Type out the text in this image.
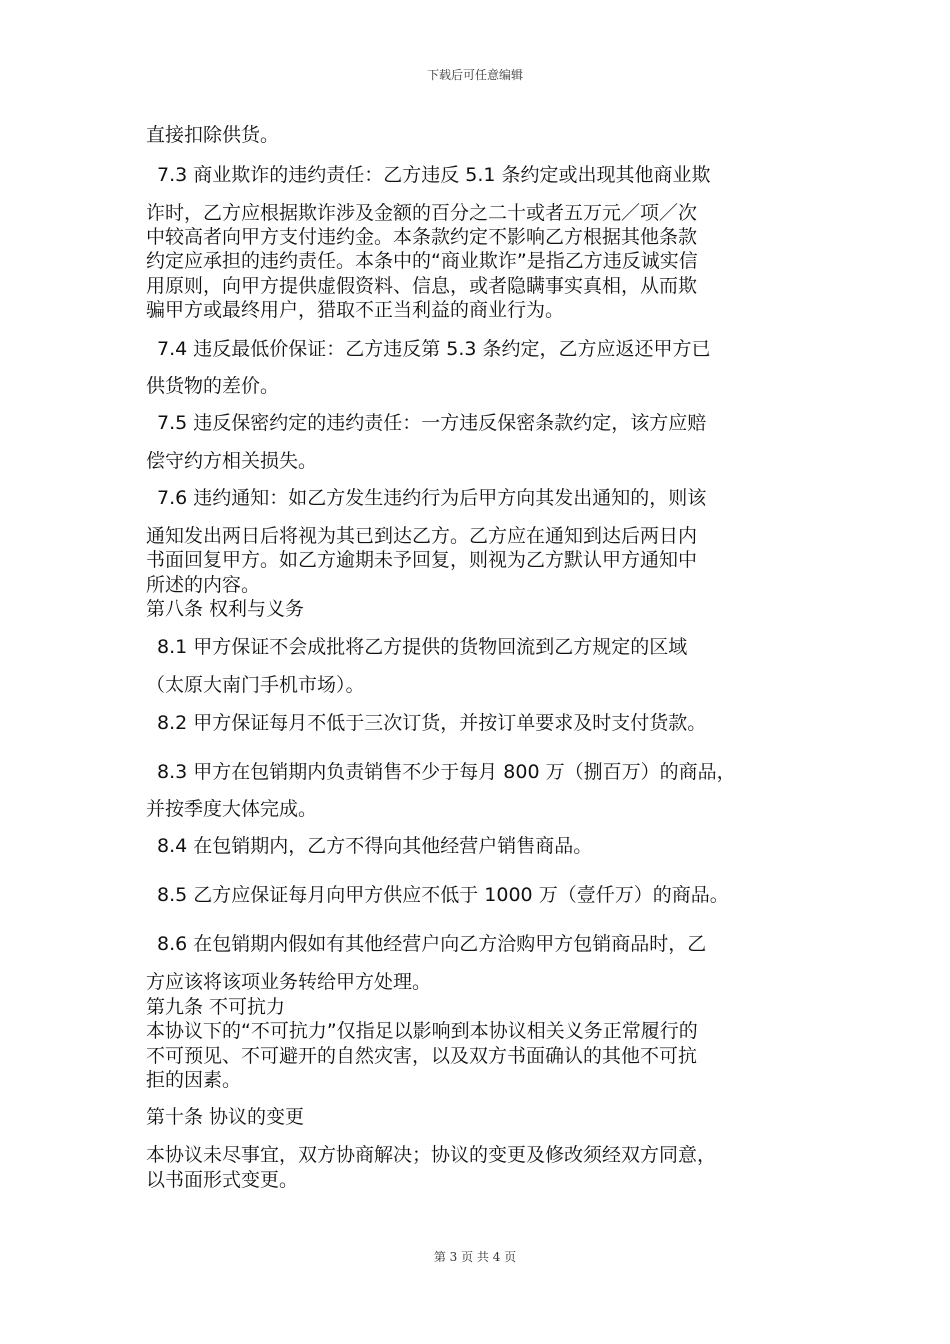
下载后可任意编辑
直接扣除供货。
7.3 商业欺诈的违约责任：乙方违反 5.1 条约定或出现其他商业欺
诈时，乙方应根据欺诈涉及金额的百分之二十或者五万元／项／次
中较高者向甲方支付违约金。本条款约定不影响乙方根据其他条款
约定应承担的违约责任。本条中的“商业欺诈”是指乙方违反诚实信
用原则，向甲方提供虚假资料、信息，或者隐瞒事实真相，从而欺
骗甲方或最终用户，猎取不正当利益的商业行为。
7.4 违反最低价保证：乙方违反第 5.3 条约定，乙方应返还甲方已
供货物的差价。
7.5 违反保密约定的违约责任：一方违反保密条款约定，该方应赔
偿守约方相关损失。
7.6 违约通知：如乙方发生违约行为后甲方向其发出通知的，则该
通知发出两日后将视为其已到达乙方。乙方应在通知到达后两日内
书面回复甲方。如乙方逾期未予回复，则视为乙方默认甲方通知中
所述的内容。
第八条 权利与义务
8.1 甲方保证不会成批将乙方提供的货物回流到乙方规定的区域
（太原大南门手机市场）。
8.2 甲方保证每月不低于三次订货，并按订单要求及时支付货款。
8.3 甲方在包销期内负责销售不少于每月 800 万（捌百万）的商品，
并按季度大体完成。
8.4 在包销期内，乙方不得向其他经营户销售商品。
8.5 乙方应保证每月向甲方供应不低于 1000 万（壹仟万）的商品。
8.6 在包销期内假如有其他经营户向乙方洽购甲方包销商品时，乙
方应该将该项业务转给甲方处理。
第九条 不可抗力
本协议下的“不可抗力”仅指足以影响到本协议相关义务正常履行的
不可预见、不可避开的自然灾害，以及双方书面确认的其他不可抗
拒的因素。
第十条 协议的变更
本协议未尽事宜，双方协商解决；协议的变更及修改须经双方同意，
以书面形式变更。
第 3 页 共 4 页
